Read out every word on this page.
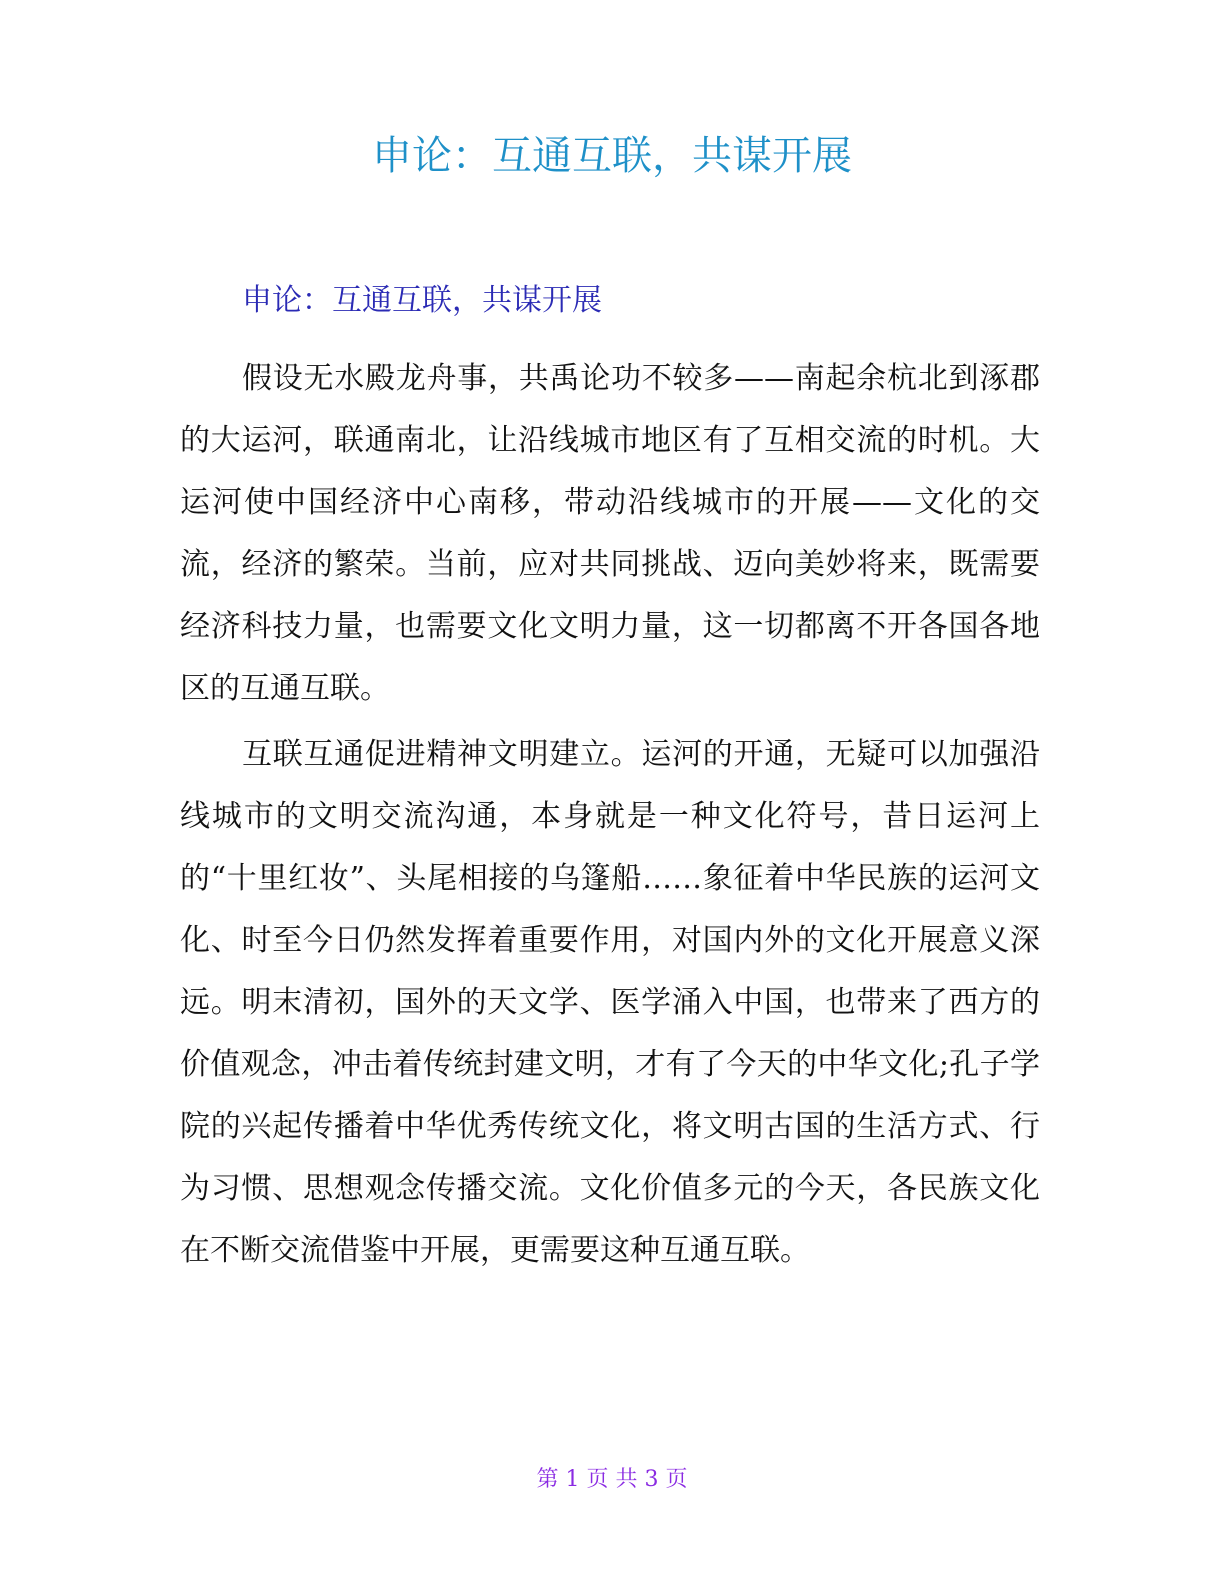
申论：互通互联，共谋开展

申论：互通互联，共谋开展

假设无水殿龙舟事，共禹论功不较多——南起余杭北到涿郡的大运河，联通南北，让沿线城市地区有了互相交流的时机。大运河使中国经济中心南移，带动沿线城市的开展——文化的交流，经济的繁荣。当前，应对共同挑战、迈向美妙将来，既需要经济科技力量，也需要文化文明力量，这一切都离不开各国各地区的互通互联。

互联互通促进精神文明建立。运河的开通，无疑可以加强沿线城市的文明交流沟通，本身就是一种文化符号，昔日运河上的“十里红妆”、头尾相接的乌篷船……象征着中华民族的运河文化、时至今日仍然发挥着重要作用，对国内外的文化开展意义深远。明末清初，国外的天文学、医学涌入中国，也带来了西方的价值观念，冲击着传统封建文明，才有了今天的中华文化;孔子学院的兴起传播着中华优秀传统文化，将文明古国的生活方式、行为习惯、思想观念传播交流。文化价值多元的今天，各民族文化在不断交流借鉴中开展，更需要这种互通互联。

第 1 页 共 3 页
